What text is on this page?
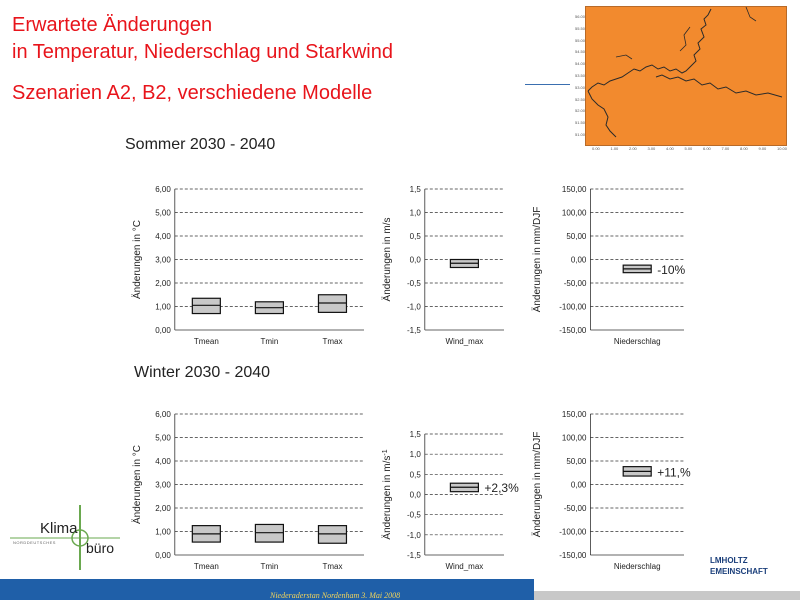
Erwartete Änderungen
in Temperatur, Niederschlag und Starkwind
Szenarien A2, B2, verschiedene Modelle
56.00
55.50
55.00
54.50
54.00
53.50
53.00
52.50
52.00
51.50
51.00
0.00	1.00	2.00	3.00	4.00	5.00	6.00	7.00	8.00	9.00	10.00
Sommer 2030 - 2040
Winter 2030 - 2040
Änderungen in °C
0,00
1,00
2,00
3,00
4,00
5,00
6,00
Tmean	Tmin	Tmax
Änderungen in m/s
-1,5
-1,0
-0,5
0,0
0,5
1,0
1,5
Wind_max
Änderungen in mm/DJF
-150,00
-100,00
-50,00
0,00
50,00
100,00
150,00
Niederschlag
-10%
Änderungen in °C
0,00
1,00
2,00
3,00
4,00
5,00
6,00
Tmean	Tmin	Tmax
Änderungen in $m/s^{-1}$
-1,5
-1,0
-0,5
0,0
0,5
1,0
1,5
Wind_max
+2,3% Änderungen in mm/DJF
-150,00
-100,00
-50,00
0,00
50,00
100,00
150,00
Niederschlag
+11,%
Klima
büro
NORDDEUTSCHES
LMHOLTZ
EMEINSCHAFT
Niederaderstan Nordenham 3. Mai 2008
